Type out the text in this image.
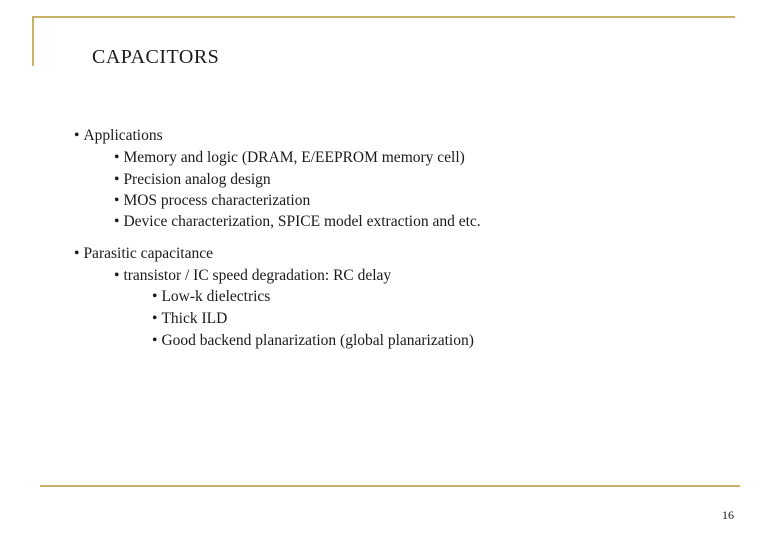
CAPACITORS
• Applications
• Memory and logic (DRAM, E/EEPROM memory cell)
• Precision analog design
• MOS process characterization
• Device characterization, SPICE model extraction and etc.
• Parasitic capacitance
• transistor / IC speed degradation: RC delay
• Low-k dielectrics
• Thick ILD
• Good backend planarization (global planarization)
16
